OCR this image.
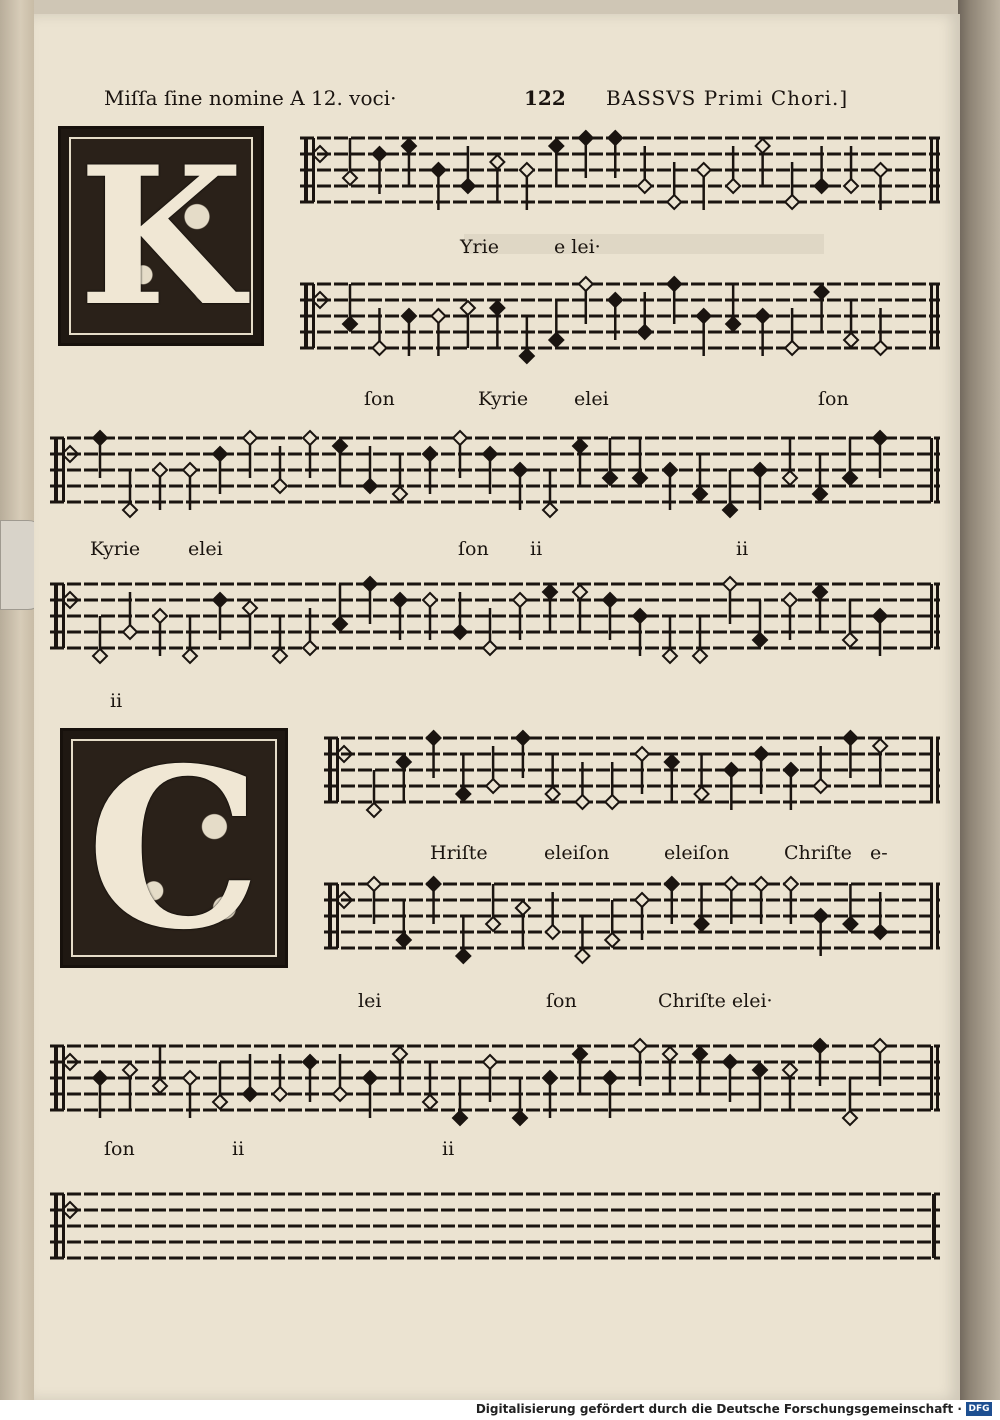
Miſſa ſine nomine A 12. voci·	122 BASSVS Primi Chori.]
K
C
Yrie	e lei·
ſon	Kyrie elei	ſon
Kyrie	elei	ſon ii	ii
ii
Hriſte	eleiſon	eleiſon	Chriſte e-
lei	ſon	Chriſte elei·
ſon	ii	ii
Digitalisierung gefördert durch die Deutsche Forschungsgemeinschaft · DFG
